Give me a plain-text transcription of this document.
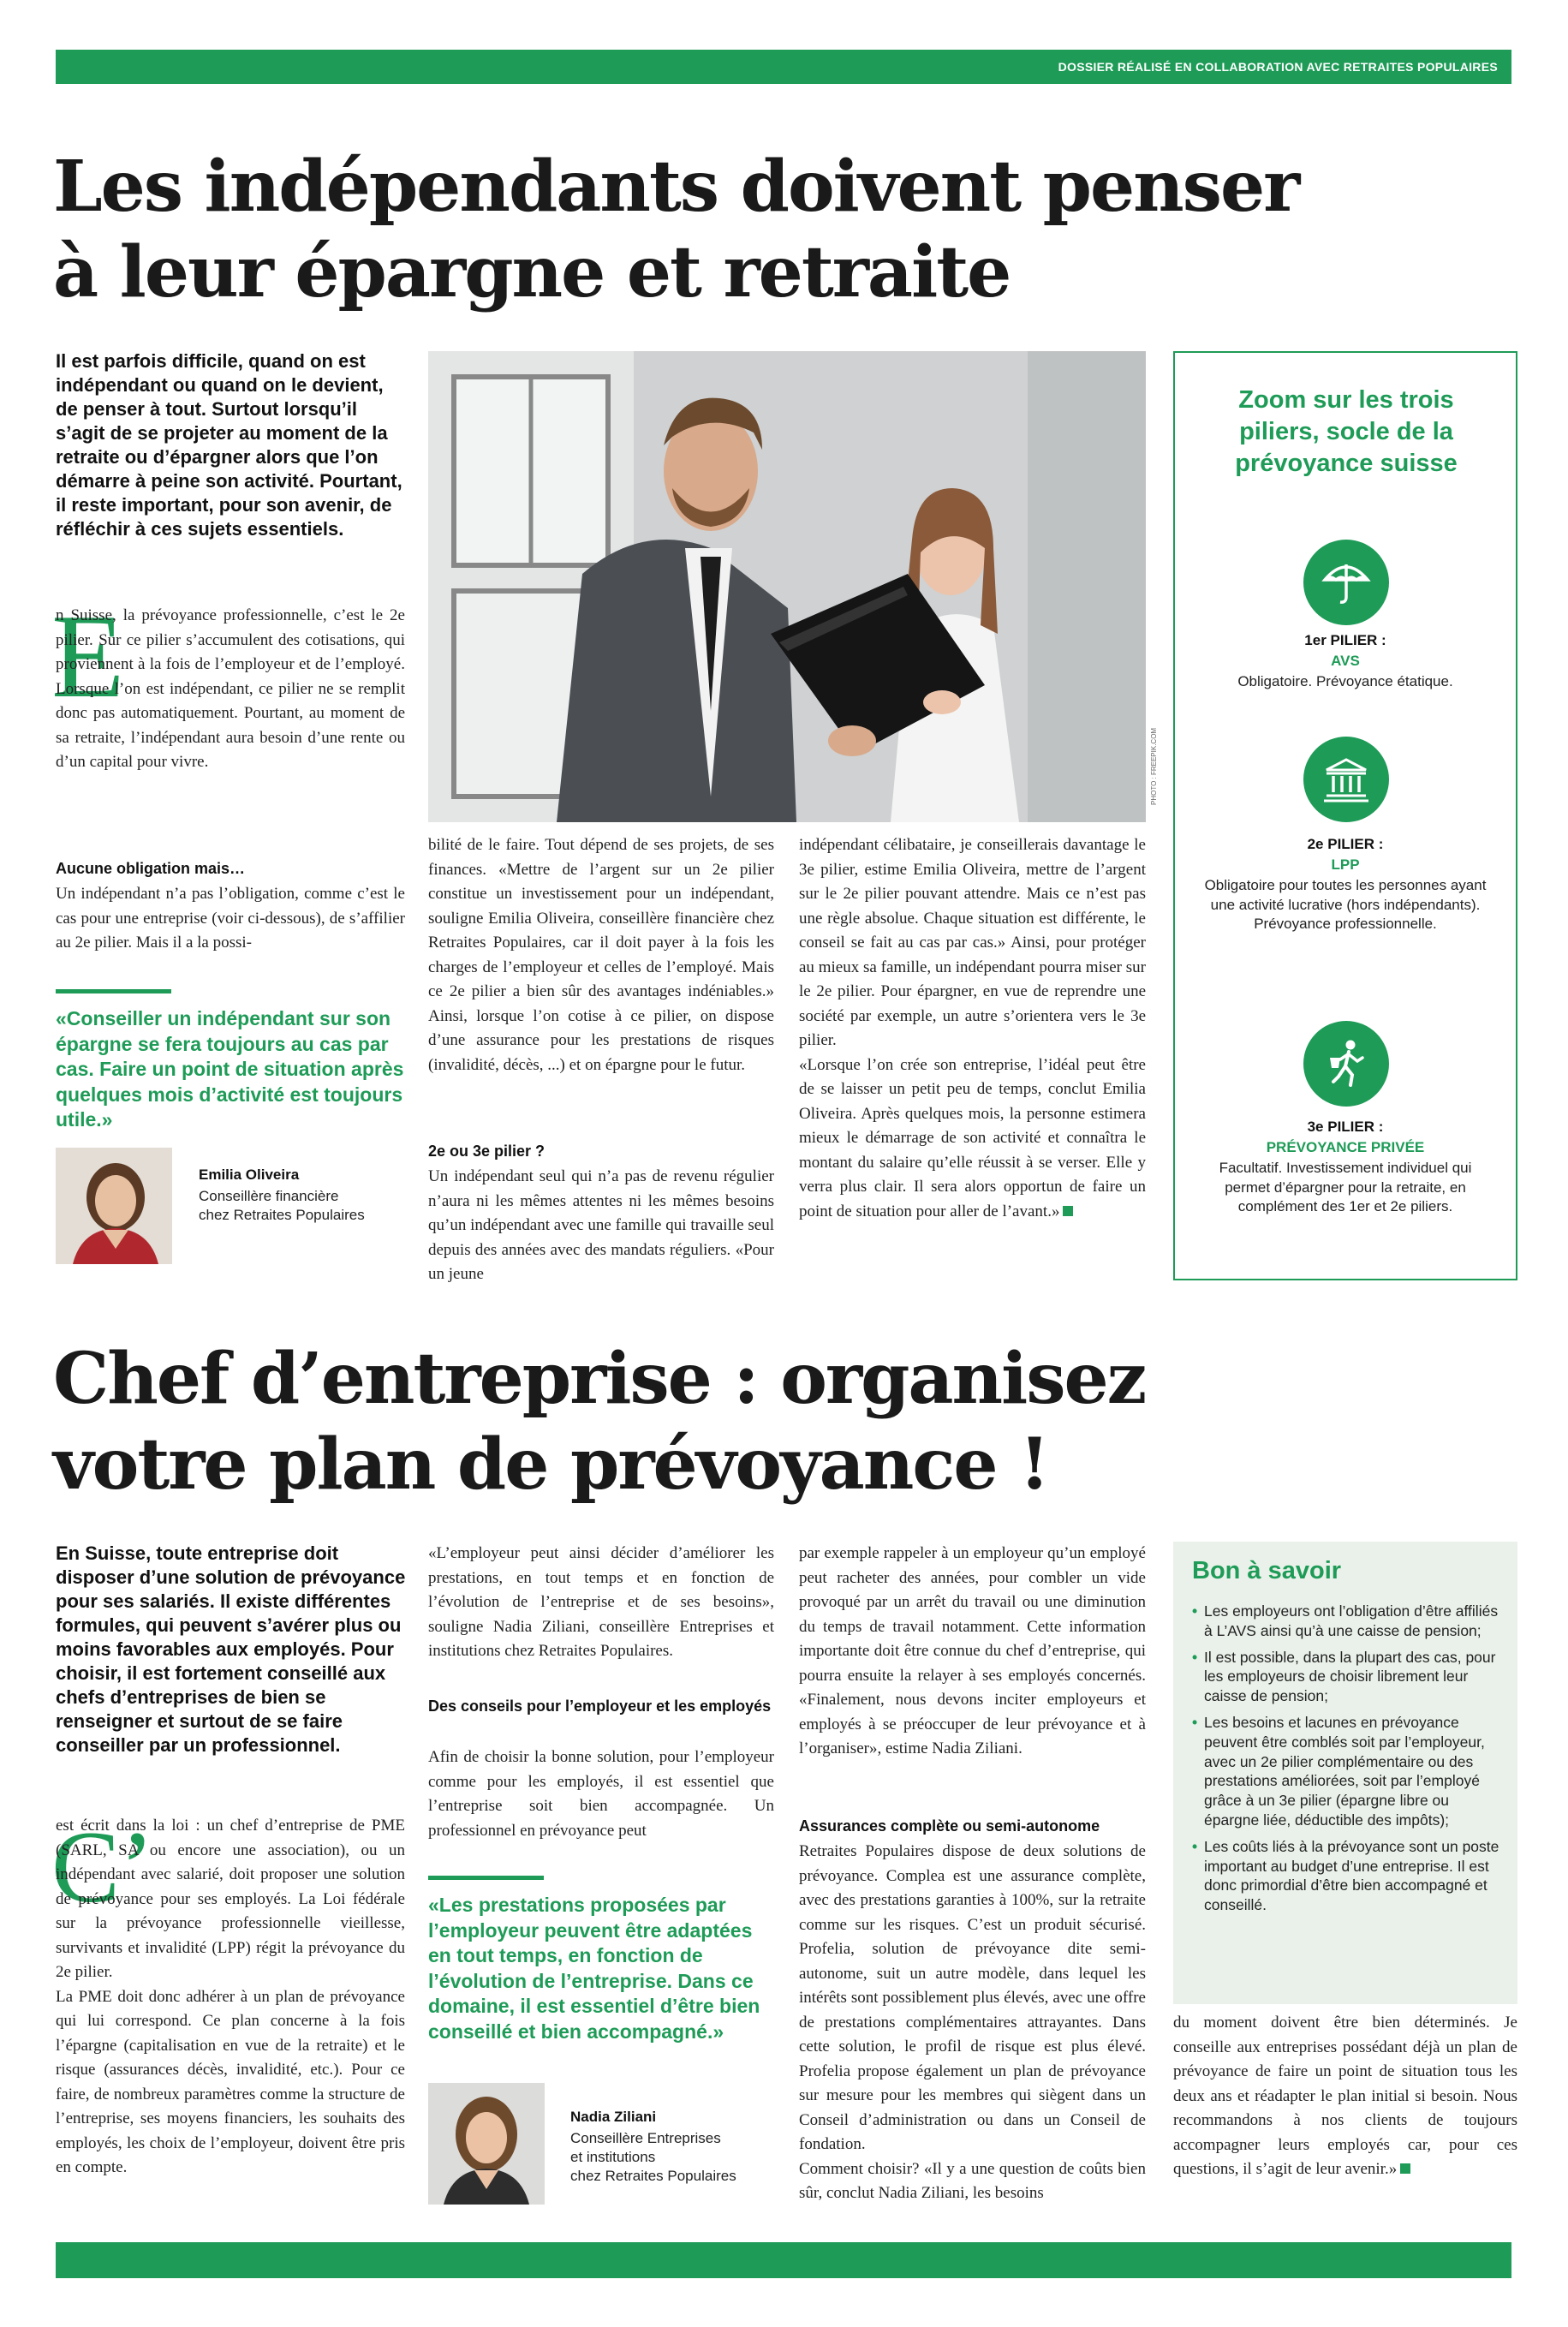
DOSSIER RÉALISÉ EN COLLABORATION AVEC RETRAITES POPULAIRES
Les indépendants doivent penser
à leur épargne et retraite
Il est parfois difficile, quand on est indépendant ou quand on le devient, de penser à tout. Surtout lorsqu’il s’agit de se projeter au moment de la retraite ou d’épargner alors que l’on démarre à peine son activité. Pourtant, il reste important, pour son avenir, de réfléchir à ces sujets essentiels.
E

n Suisse, la prévoyance professionnelle, c’est le 2e pilier. Sur ce pilier s’accumulent des cotisations, qui proviennent à la fois de l’employeur et de l’employé. Lorsque l’on est indépendant, ce pilier ne se remplit donc pas automatiquement. Pourtant, au moment de sa retraite, l’indépendant aura besoin d’une rente ou d’un capital pour vivre.

Aucune obligation mais…
Un indépendant n’a pas l’obligation, comme c’est le cas pour une entreprise (voir ci-dessous), de s’affilier au 2e pilier. Mais il a la possi-
«Conseiller un indépendant sur son épargne se fera toujours au cas par cas. Faire un point de situation après quelques mois d’activité est toujours utile.»
Emilia Oliveira
Conseillère financière
chez Retraites Populaires
PHOTO : FREEPIK.COM
bilité de le faire. Tout dépend de ses projets, de ses finances. «Mettre de l’argent sur un 2e pilier constitue un investissement pour un indépendant, souligne Emilia Oliveira, conseillère financière chez Retraites Populaires, car il doit payer à la fois les charges de l’employeur et celles de l’employé. Mais ce 2e pilier a bien sûr des avantages indéniables.» Ainsi, lorsque l’on cotise à ce pilier, on dispose d’une assurance pour les prestations de risques (invalidité, décès, ...) et on épargne pour le futur.
2e ou 3e pilier ?
Un indépendant seul qui n’a pas de revenu régulier n’aura ni les mêmes attentes ni les mêmes besoins qu’un indépendant avec une famille qui travaille seul depuis des années avec des mandats réguliers. «Pour un jeune

indépendant célibataire, je conseillerais davantage le 3e pilier, estime Emilia Oliveira, mettre de l’argent sur le 2e pilier pouvant attendre. Mais ce n’est pas une règle absolue. Chaque situation est différente, le conseil se fait au cas par cas.» Ainsi, pour protéger au mieux sa famille, un indépendant pourra miser sur le 2e pilier. Pour épargner, en vue de reprendre une société par exemple, un autre s’orientera vers le 3e pilier.

«Lorsque l’on crée son entreprise, l’idéal peut être de se laisser un petit peu de temps, conclut Emilia Oliveira. Après quelques mois, la personne estimera mieux le démarrage de son activité et connaîtra le montant du salaire qu’elle réussit à se verser. Elle y verra plus clair. Il sera alors opportun de faire un point de situation pour aller de l’avant.»

Zoom sur les trois piliers, socle de la prévoyance suisse
1er PILIER :
AVS
Obligatoire. Prévoyance étatique.
2e PILIER :
LPP
Obligatoire pour toutes les personnes ayant une activité lucrative (hors indépendants). Prévoyance professionnelle.
3e PILIER :
PRÉVOYANCE PRIVÉE
Facultatif. Investissement individuel qui permet d’épargner pour la retraite, en complément des 1er et 2e piliers.
Chef d’entreprise : organisez
votre plan de prévoyance !
En Suisse, toute entreprise doit disposer d’une solution de prévoyance pour ses salariés. Il existe différentes formules, qui peuvent s’avérer plus ou moins favorables aux employés. Pour choisir, il est fortement conseillé aux chefs d’entreprises de bien se renseigner et surtout de se faire conseiller par un professionnel.
C’

est écrit dans la loi : un chef d’entreprise de PME (SARL, SA ou encore une association), ou un indépendant avec salarié, doit proposer une solution de prévoyance pour ses employés. La Loi fédérale sur la prévoyance professionnelle vieillesse, survivants et invalidité (LPP) régit la prévoyance du 2e pilier.

La PME doit donc adhérer à un plan de prévoyance qui lui correspond. Ce plan concerne à la fois l’épargne (capitalisation en vue de la retraite) et le risque (assurances décès, invalidité, etc.). Pour ce faire, de nombreux paramètres comme la structure de l’entreprise, ses moyens financiers, les souhaits des employés, les choix de l’employeur, doivent être pris en compte.

«L’employeur peut ainsi décider d’améliorer les prestations, en tout temps et en fonction de l’évolution de l’entreprise et de ses besoins», souligne Nadia Ziliani, conseillère Entreprises et institutions chez Retraites Populaires.
Des conseils pour l’employeur et les employés
Afin de choisir la bonne solution, pour l’employeur comme pour les employés, il est essentiel que l’entreprise soit bien accompagnée. Un professionnel en prévoyance peut
«Les prestations proposées par l’employeur peuvent être adaptées en tout temps, en fonction de l’évolution de l’entreprise. Dans ce domaine, il est essentiel d’être bien conseillé et bien accompagné.»
Nadia Ziliani
Conseillère Entreprises
et institutions
chez Retraites Populaires
par exemple rappeler à un employeur qu’un employé peut racheter des années, pour combler un vide provoqué par un arrêt du travail ou une diminution du temps de travail notamment. Cette information importante doit être connue du chef d’entreprise, qui pourra ensuite la relayer à ses employés concernés. «Finalement, nous devons inciter employeurs et employés à se préoccuper de leur prévoyance et à l’organiser», estime Nadia Ziliani.
Assurances complète ou semi-autonome

Retraites Populaires dispose de deux solutions de prévoyance. Complea est une assurance complète, avec des prestations garanties à 100%, sur la retraite comme sur les risques. C’est un produit sécurisé. Profelia, solution de prévoyance dite semi-autonome, suit un autre modèle, dans lequel les intérêts sont possiblement plus élevés, avec une offre de prestations complémentaires attrayantes. Dans cette solution, le profil de risque est plus élevé. Profelia propose également un plan de prévoyance sur mesure pour les membres qui siègent dans un Conseil d’administration ou dans un Conseil de fondation.

Comment choisir? «Il y a une question de coûts bien sûr, conclut Nadia Ziliani, les besoins

Bon à savoir
• Les employeurs ont l’obligation d’être affiliés à L’AVS ainsi qu’à une caisse de pension;
• Il est possible, dans la plupart des cas, pour les employeurs de choisir librement leur caisse de pension;
• Les besoins et lacunes en prévoyance peuvent être comblés soit par l’employeur, avec un 2e pilier complémentaire ou des prestations améliorées, soit par l’employé grâce à un 3e pilier (épargne libre ou épargne liée, déductible des impôts);
• Les coûts liés à la prévoyance sont un poste important au budget d’une entreprise. Il est donc primordial d’être bien accompagné et conseillé.

du moment doivent être bien déterminés. Je conseille aux entreprises possédant déjà un plan de prévoyance de faire un point de situation tous les deux ans et réadapter le plan initial si besoin. Nous recommandons à nos clients de toujours accompagner leurs employés car, pour ces questions, il s’agit de leur avenir.»
